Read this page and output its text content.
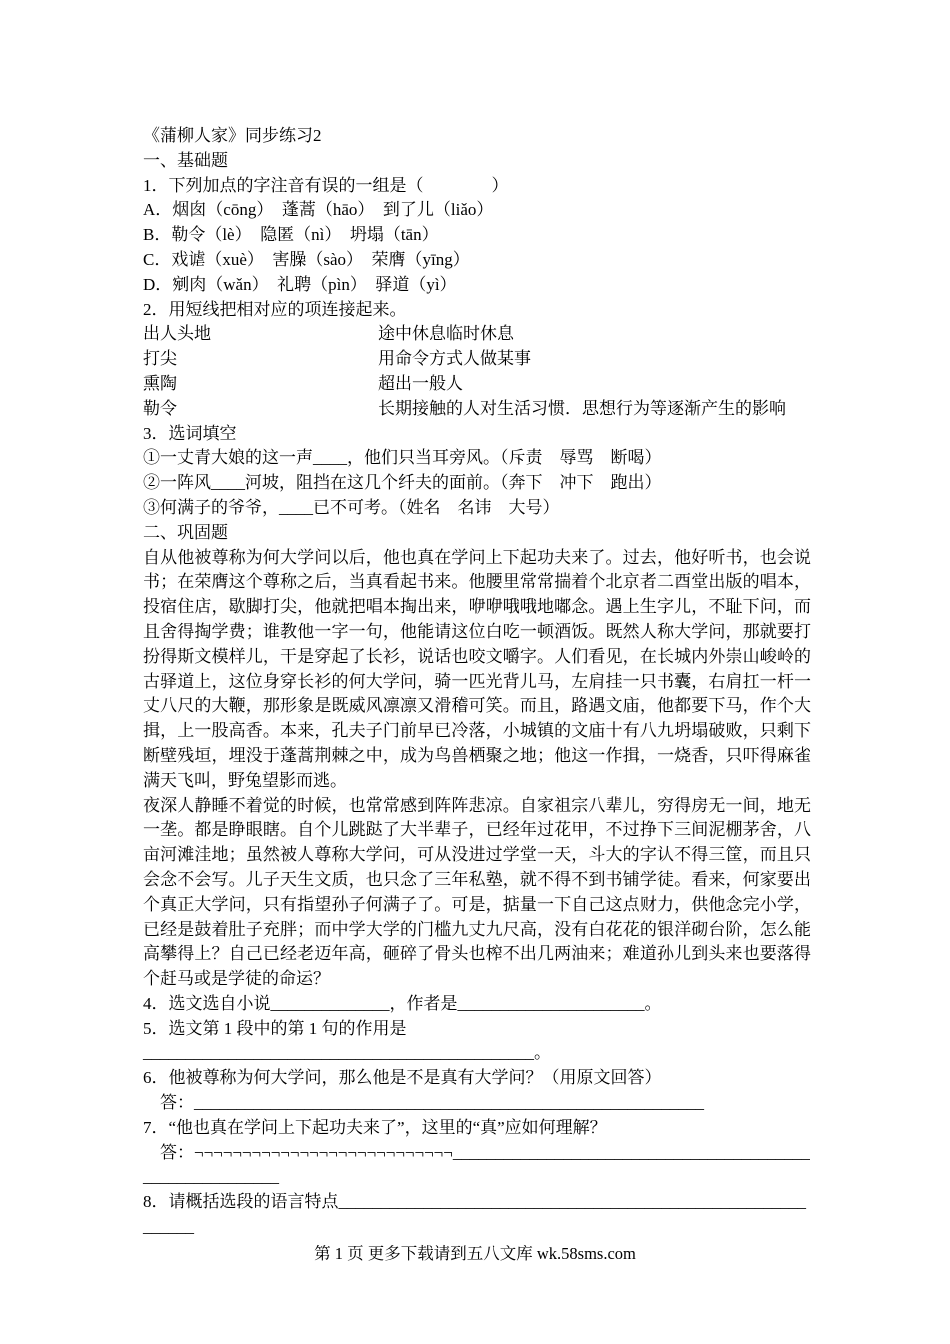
《蒲柳人家》同步练习2

一、基础题

1．下列加点的字注音有误的一组是（　　　　）

A．烟囱（cōng）　蓬蒿（hāo）　到了儿（liǎo）

B．勒令（lè）　隐匿（nì）　坍塌（tān）

C．戏谑（xuè）　害臊（sào）　荣膺（yīng）

D．剜肉（wǎn）　礼聘（pìn）　驿道（yì）

2．用短线把相对应的项连接起来。

出人头地	途中休息临时休息
打尖	用命令方式人做某事
熏陶	超出一般人
勒令	长期接触的人对生活习惯．思想行为等逐渐产生的影响

3．选词填空

①一丈青大娘的这一声____，他们只当耳旁风。（斥责　辱骂　断喝）

②一阵风____河坡，阻挡在这几个纤夫的面前。（奔下　冲下　跑出）

③何满子的爷爷，____已不可考。（姓名　名讳　大号）

二、巩固题

自从他被尊称为何大学问以后，他也真在学问上下起功夫来了。过去，他好听书，也会说书；在荣膺这个尊称之后，当真看起书来。他腰里常常揣着个北京者二酉堂出版的唱本，投宿住店，歇脚打尖，他就把唱本掏出来，咿咿哦哦地嘟念。遇上生字儿，不耻下问，而且舍得掏学费；谁教他一字一句，他能请这位白吃一顿酒饭。既然人称大学问，那就要打扮得斯文模样儿，干是穿起了长衫，说话也咬文嚼字。人们看见，在长城内外崇山峻岭的古驿道上，这位身穿长衫的何大学问，骑一匹光背儿马，左肩挂一只书囊，右肩扛一杆一丈八尺的大鞭，那形象是既威风凛凛又滑稽可笑。而且，路遇文庙，他都要下马，作个大揖，上一股高香。本来，孔夫子门前早已冷落，小城镇的文庙十有八九坍塌破败，只剩下断壁残垣，埋没于蓬蒿荆棘之中，成为鸟兽栖聚之地；他这一作揖，一烧香，只吓得麻雀满天飞叫，野兔望影而逃。

夜深人静睡不着觉的时候，也常常感到阵阵悲凉。自家祖宗八辈儿，穷得房无一间，地无一垄。都是睁眼瞎。自个儿跳跶了大半辈子，已经年过花甲，不过挣下三间泥棚茅舍，八亩河滩洼地；虽然被人尊称大学问，可从没进过学堂一天，斗大的字认不得三筐，而且只会念不会写。儿子天生文质，也只念了三年私塾，就不得不到书铺学徒。看来，何家要出个真正大学问，只有指望孙子何满子了。可是，掂量一下自己这点财力，供他念完小学，已经是鼓着肚子充胖；而中学大学的门槛九丈九尺高，没有白花花的银洋砌台阶，怎么能高攀得上？自己已经老迈年高，砸碎了骨头也榨不出几两油来；难道孙儿到头来也要落得个赶马或是学徒的命运？

4．选文选自小说______________，作者是______________________。

5．选文第 1 段中的第 1 句的作用是______________________________________________。

6．他被尊称为何大学问，那么他是不是真有大学问？（用原文回答）

答：____________________________________________________________

7．“他也真在学问上下起功夫来了”，这里的“真”应如何理解？

答：¬¬¬¬¬¬¬¬¬¬¬¬¬¬¬¬¬¬¬¬¬¬¬¬¬¬¬__________________________________________

________________

8．请概括选段的语言特点_______________________________________________________

______

第 1 页 更多下载请到五八文库 wk.58sms.com
